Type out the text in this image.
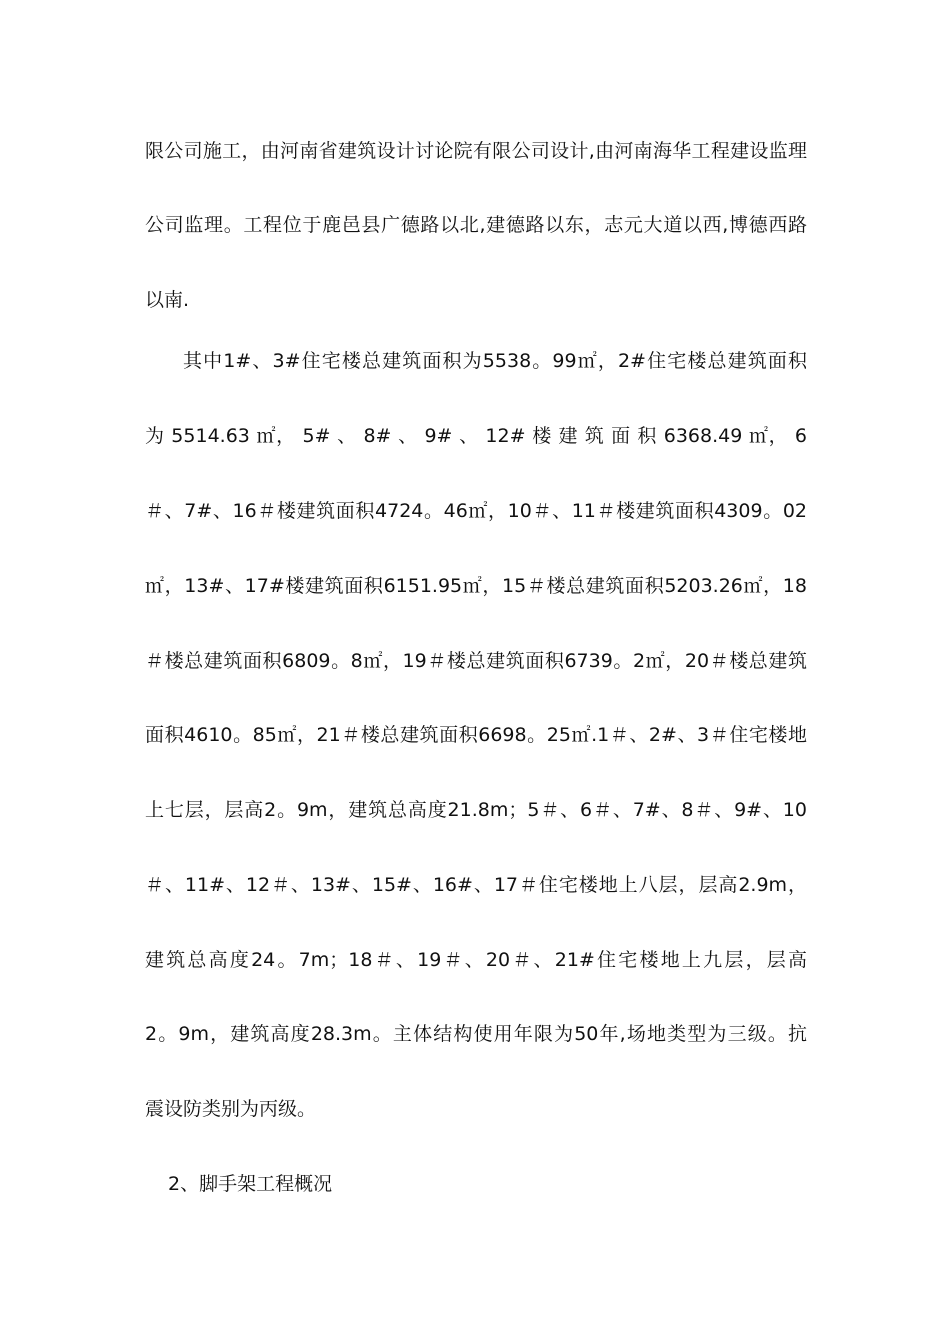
限公司施工，由河南省建筑设计讨论院有限公司设计,由河南海华工程建设监理
公司监理。工程位于鹿邑县广德路以北,建德路以东，志元大道以西,博德西路
以南.
其中1#、3#住宅楼总建筑面积为5538。99㎡，2#住宅楼总建筑面积
为 5514.63 ㎡， 5# 、 8# 、 9# 、 12# 楼 建 筑 面 积 6368.49 ㎡， 6
＃、7#、16＃楼建筑面积4724。46㎡，10＃、11＃楼建筑面积4309。02
㎡，13#、17#楼建筑面积6151.95㎡，15＃楼总建筑面积5203.26㎡，18
＃楼总建筑面积6809。8㎡，19＃楼总建筑面积6739。2㎡，20＃楼总建筑
面积4610。85㎡，21＃楼总建筑面积6698。25㎡.1＃、2#、3＃住宅楼地
上七层，层高2。9m，建筑总高度21.8m；5＃、6＃、7#、8＃、9#、10
＃、11#、12＃、13#、15#、16#、17＃住宅楼地上八层，层高2.9m，
建筑总高度24。7m；18＃、19＃、20＃、21#住宅楼地上九层，层高
2。9m，建筑高度28.3m。主体结构使用年限为50年,场地类型为三级。抗
震设防类别为丙级。
2、脚手架工程概况
